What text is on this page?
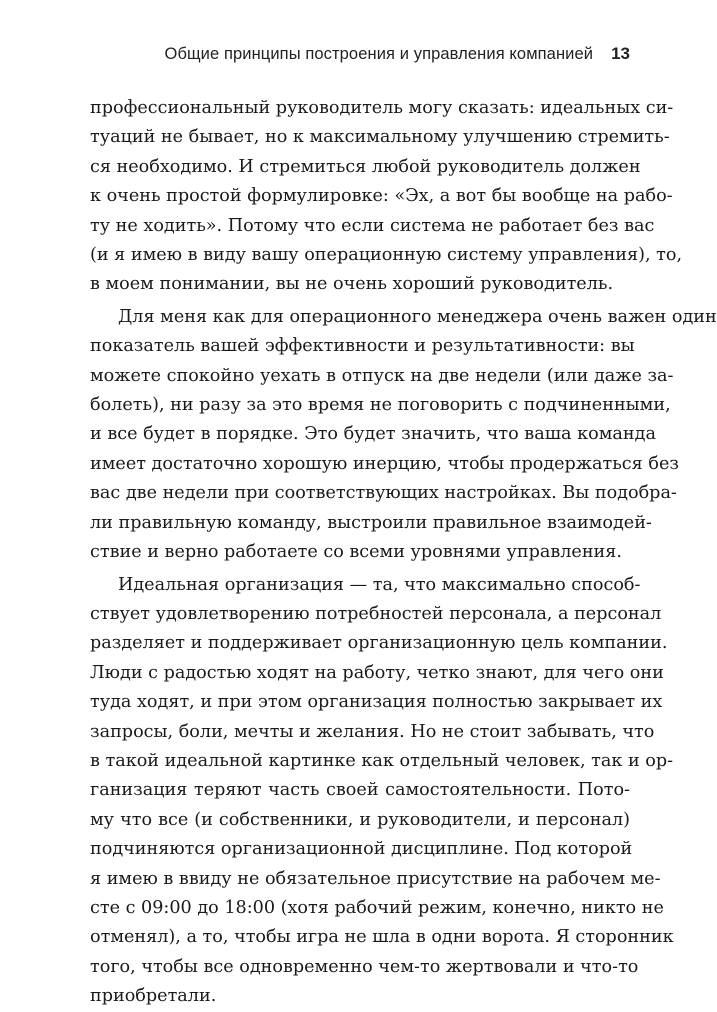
Общие принципы построения и управления компанией 13

профессиональный руководитель могу сказать: идеальных си-
туаций не бывает, но к максимальному улучшению стремить-
ся необходимо. И стремиться любой руководитель должен
к очень простой формулировке: «Эх, а вот бы вообще на рабо-
ту не ходить». Потому что если система не работает без вас
(и я имею в виду вашу операционную систему управления), то,
в моем понимании, вы не очень хороший руководитель.

Для меня как для операционного менеджера очень важен один
показатель вашей эффективности и результативности: вы
можете спокойно уехать в отпуск на две недели (или даже за-
болеть), ни разу за это время не поговорить с подчиненными,
и все будет в порядке. Это будет значить, что ваша команда
имеет достаточно хорошую инерцию, чтобы продержаться без
вас две недели при соответствующих настройках. Вы подобра-
ли правильную команду, выстроили правильное взаимодей-
ствие и верно работаете со всеми уровнями управления.

Идеальная организация — та, что максимально способ-
ствует удовлетворению потребностей персонала, а персонал
разделяет и поддерживает организационную цель компании.
Люди с радостью ходят на работу, четко знают, для чего они
туда ходят, и при этом организация полностью закрывает их
запросы, боли, мечты и желания. Но не стоит забывать, что
в такой идеальной картинке как отдельный человек, так и ор-
ганизация теряют часть своей самостоятельности. Пото-
му что все (и собственники, и руководители, и персонал)
подчиняются организационной дисциплине. Под которой
я имею в ввиду не обязательное присутствие на рабочем ме-
сте с 09:00 до 18:00 (хотя рабочий режим, конечно, никто не
отменял), а то, чтобы игра не шла в одни ворота. Я сторонник
того, чтобы все одновременно чем-то жертвовали и что-то
приобретали.
